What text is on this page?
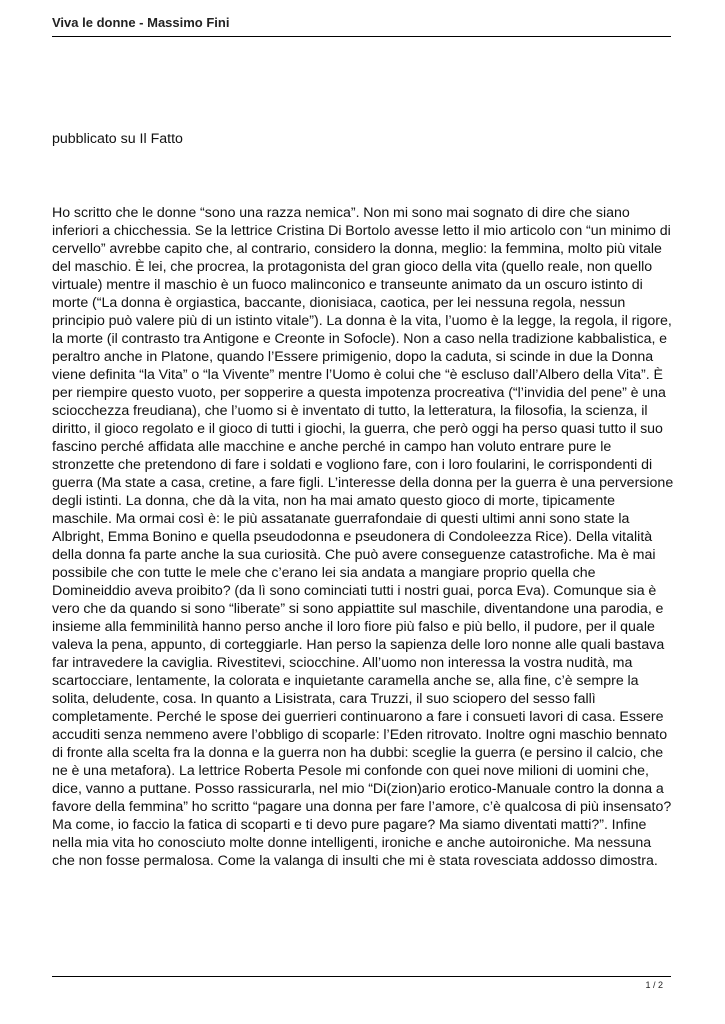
Viva le donne - Massimo Fini
pubblicato su Il Fatto

Ho scritto che le donne “sono una razza nemica”. Non mi sono mai sognato di dire che siano inferiori a chicchessia. Se la lettrice Cristina Di Bortolo avesse letto il mio articolo con “un minimo di cervello” avrebbe capito che, al contrario, considero la donna, meglio: la femmina, molto più vitale del maschio. È lei, che procrea, la protagonista del gran gioco della vita (quello reale, non quello virtuale) mentre il maschio è un fuoco malinconico e transeunte animato da un oscuro istinto di morte (“La donna è orgiastica, baccante, dionisiaca, caotica, per lei nessuna regola, nessun principio può valere più di un istinto vitale”). La donna è la vita, l’uomo è la legge, la regola, il rigore, la morte (il contrasto tra Antigone e Creonte in Sofocle). Non a caso nella tradizione kabbalistica, e peraltro anche in Platone, quando l’Essere primigenio, dopo la caduta, si scinde in due la Donna viene definita “la Vita” o “la Vivente” mentre l’Uomo è colui che “è escluso dall’Albero della Vita”. È per riempire questo vuoto, per sopperire a questa impotenza procreativa (“l’invidia del pene” è una sciocchezza freudiana), che l’uomo si è inventato di tutto, la letteratura, la filosofia, la scienza, il diritto, il gioco regolato e il gioco di tutti i giochi, la guerra, che però oggi ha perso quasi tutto il suo fascino perché affidata alle macchine e anche perché in campo han voluto entrare pure le stronzette che pretendono di fare i soldati e vogliono fare, con i loro foularini, le corrispondenti di guerra (Ma state a casa, cretine, a fare figli. L’interesse della donna per la guerra è una perversione degli istinti. La donna, che dà la vita, non ha mai amato questo gioco di morte, tipicamente maschile. Ma ormai così è: le più assatanate guerrafondaie di questi ultimi anni sono state la Albright, Emma Bonino e quella pseudodonna e pseudonera di Condoleezza Rice). Della vitalità della donna fa parte anche la sua curiosità. Che può avere conseguenze catastrofiche. Ma è mai possibile che con tutte le mele che c’erano lei sia andata a mangiare proprio quella che Domineiddio aveva proibito? (da lì sono cominciati tutti i nostri guai, porca Eva). Comunque sia è vero che da quando si sono “liberate” si sono appiattite sul maschile, diventandone una parodia, e insieme alla femminilità hanno perso anche il loro fiore più falso e più bello, il pudore, per il quale valeva la pena, appunto, di corteggiarle. Han perso la sapienza delle loro nonne alle quali bastava far intravedere la caviglia. Rivestitevi, sciocchine. All’uomo non interessa la vostra nudità, ma scartocciare, lentamente, la colorata e inquietante caramella anche se, alla fine, c’è sempre la solita, deludente, cosa. In quanto a Lisistrata, cara Truzzi, il suo sciopero del sesso fallì completamente. Perché le spose dei guerrieri continuarono a fare i consueti lavori di casa. Essere accuditi senza nemmeno avere l’obbligo di scoparle: l’Eden ritrovato. Inoltre ogni maschio bennato di fronte alla scelta fra la donna e la guerra non ha dubbi: sceglie la guerra (e persino il calcio, che ne è una metafora). La lettrice Roberta Pesole mi confonde con quei nove milioni di uomini che, dice, vanno a puttane. Posso rassicurarla, nel mio “Di(zion)ario erotico-Manuale contro la donna a favore della femmina” ho scritto “pagare una donna per fare l’amore, c’è qualcosa di più insensato? Ma come, io faccio la fatica di scoparti e ti devo pure pagare? Ma siamo diventati matti?”. Infine nella mia vita ho conosciuto molte donne intelligenti, ironiche e anche autoironiche. Ma nessuna che non fosse permalosa. Come la valanga di insulti che mi è stata rovesciata addosso dimostra.

1 / 2
